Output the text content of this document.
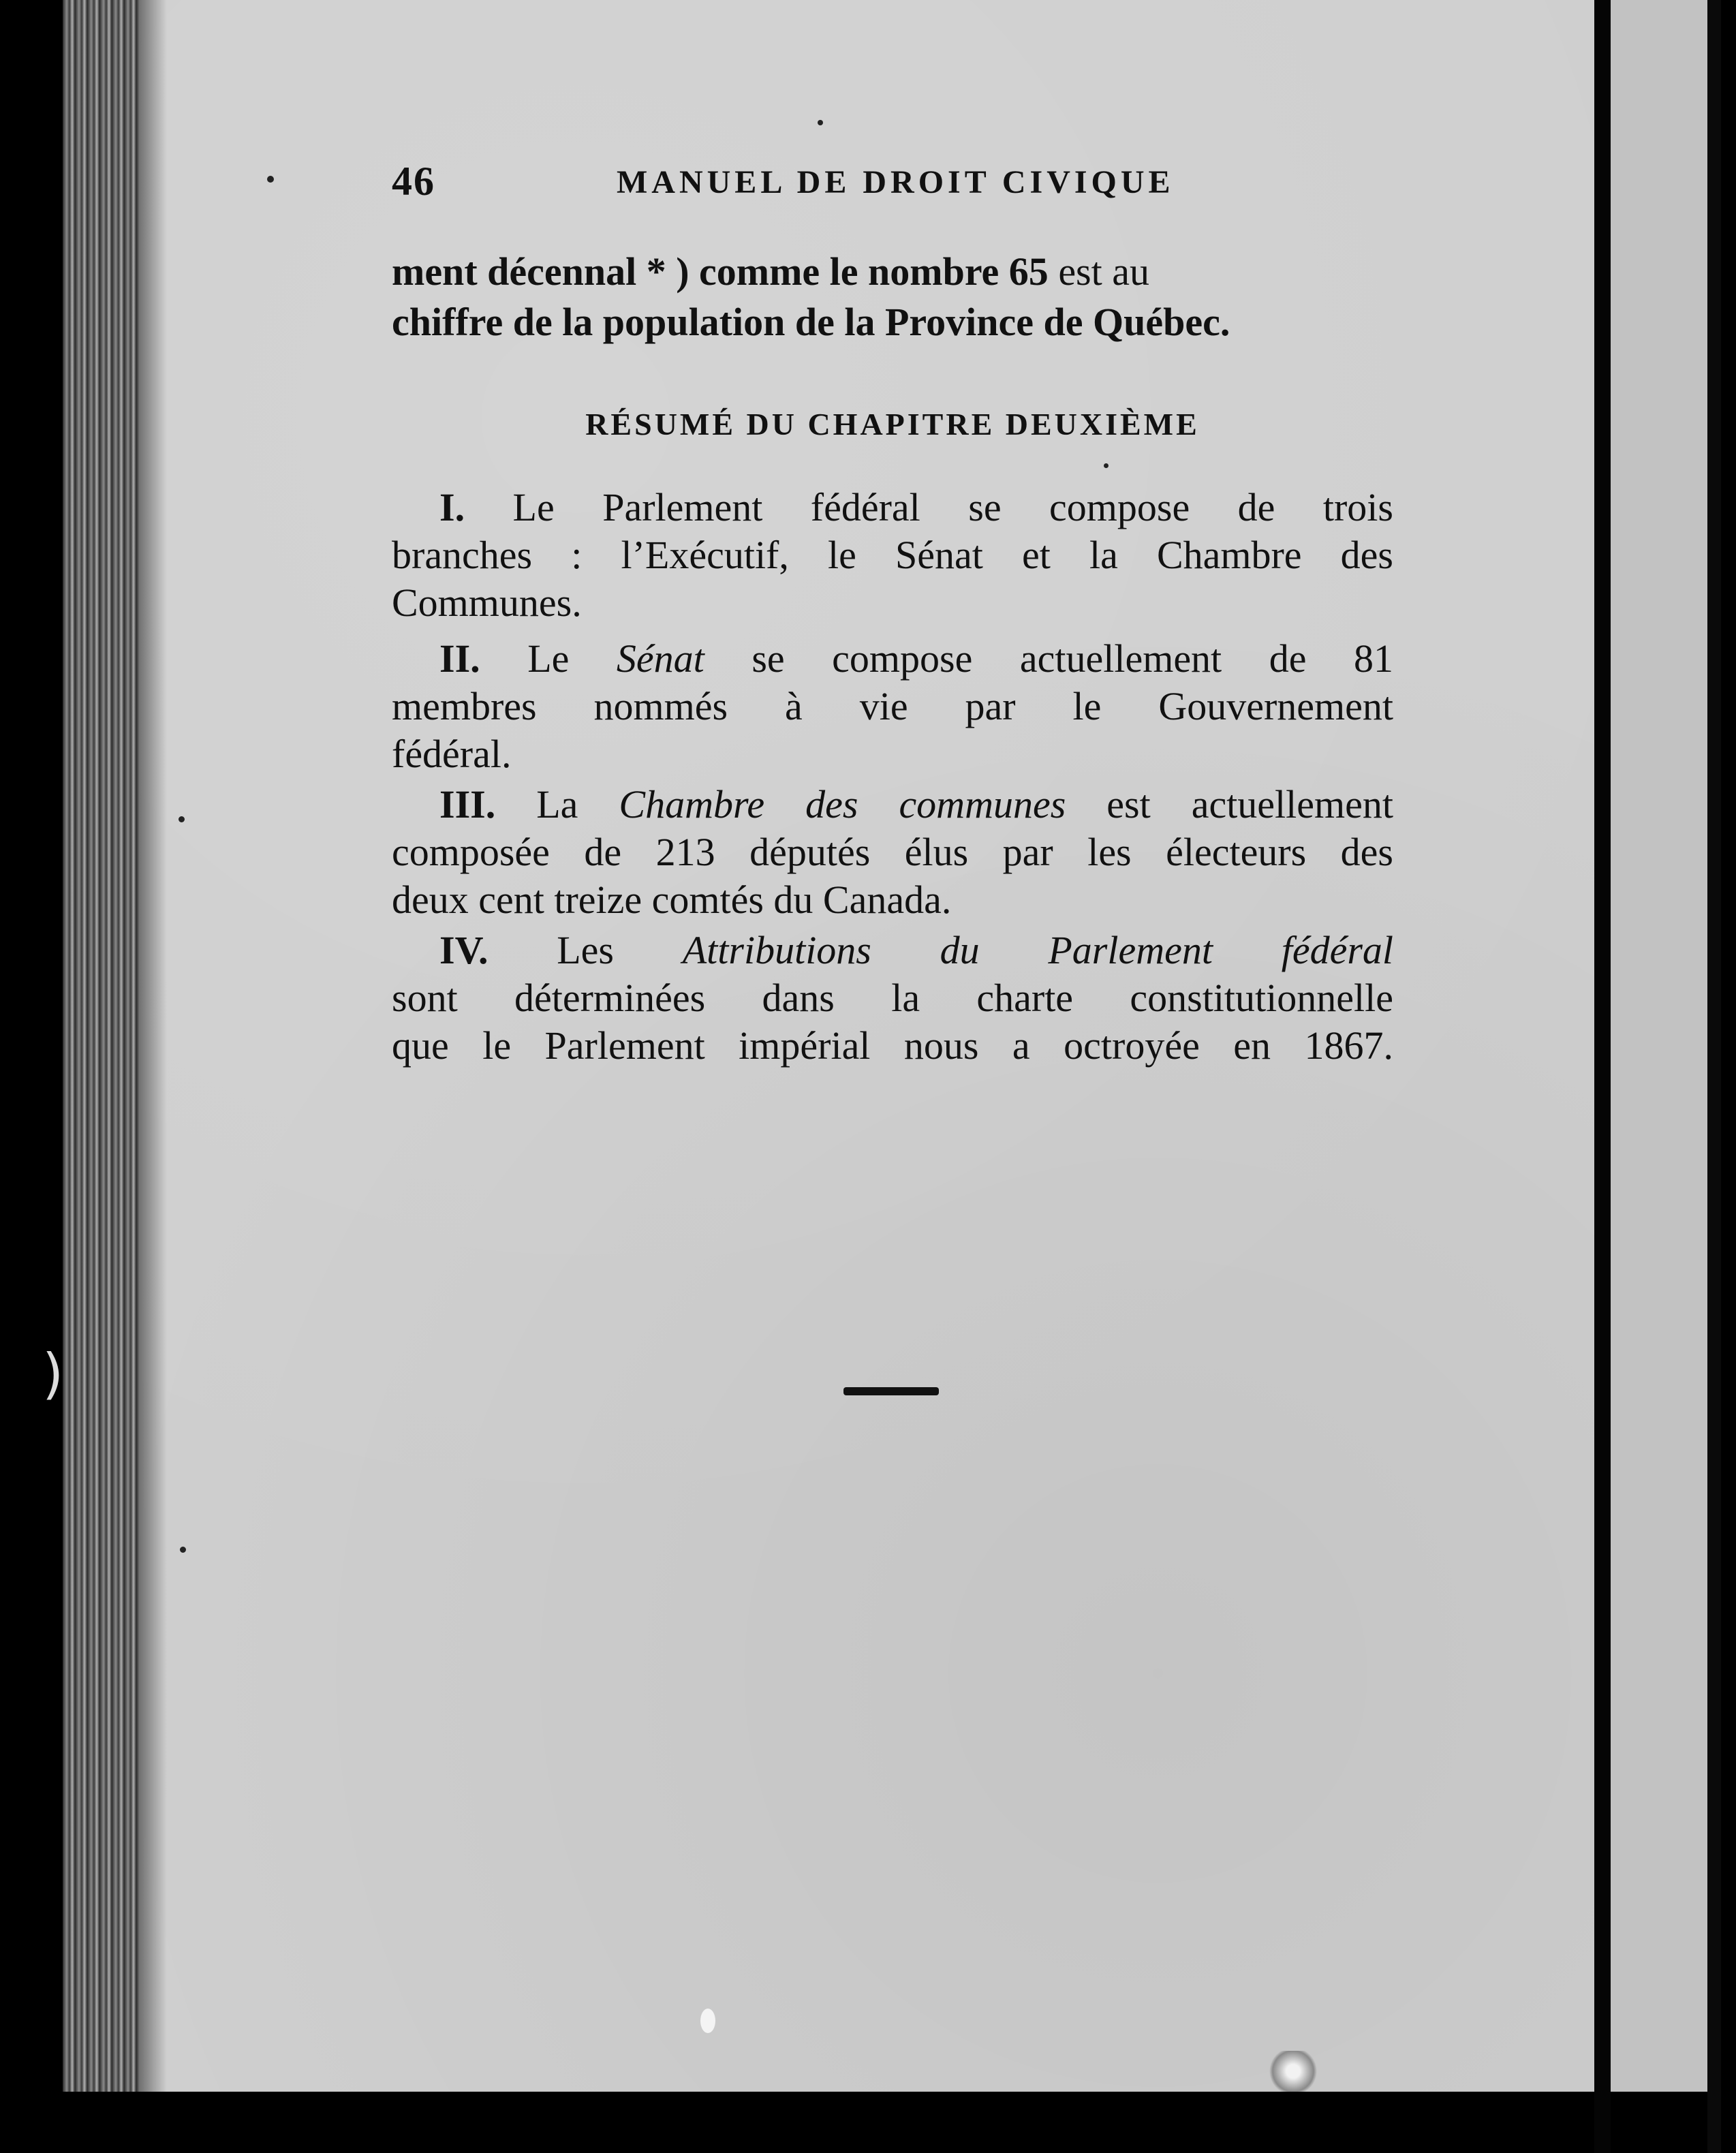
)
46	MANUEL DE DROIT CIVIQUE
ment décennal * ) comme le nombre 65 est au
chiffre de la population de la Province de Québec.
RÉSUMÉ DU CHAPITRE DEUXIÈME
I. Le Parlement fédéral se compose de trois
branches : l’Exécutif, le Sénat et la Chambre des
Communes.
II. Le Sénat se compose actuellement de 81
membres nommés à vie par le Gouvernement
fédéral.
III. La Chambre des communes est actuellement
composée de 213 députés élus par les électeurs des
deux cent treize comtés du Canada.
IV. Les Attributions du Parlement fédéral
sont déterminées dans la charte constitutionnelle
que le Parlement impérial nous a octroyée en 1867.
